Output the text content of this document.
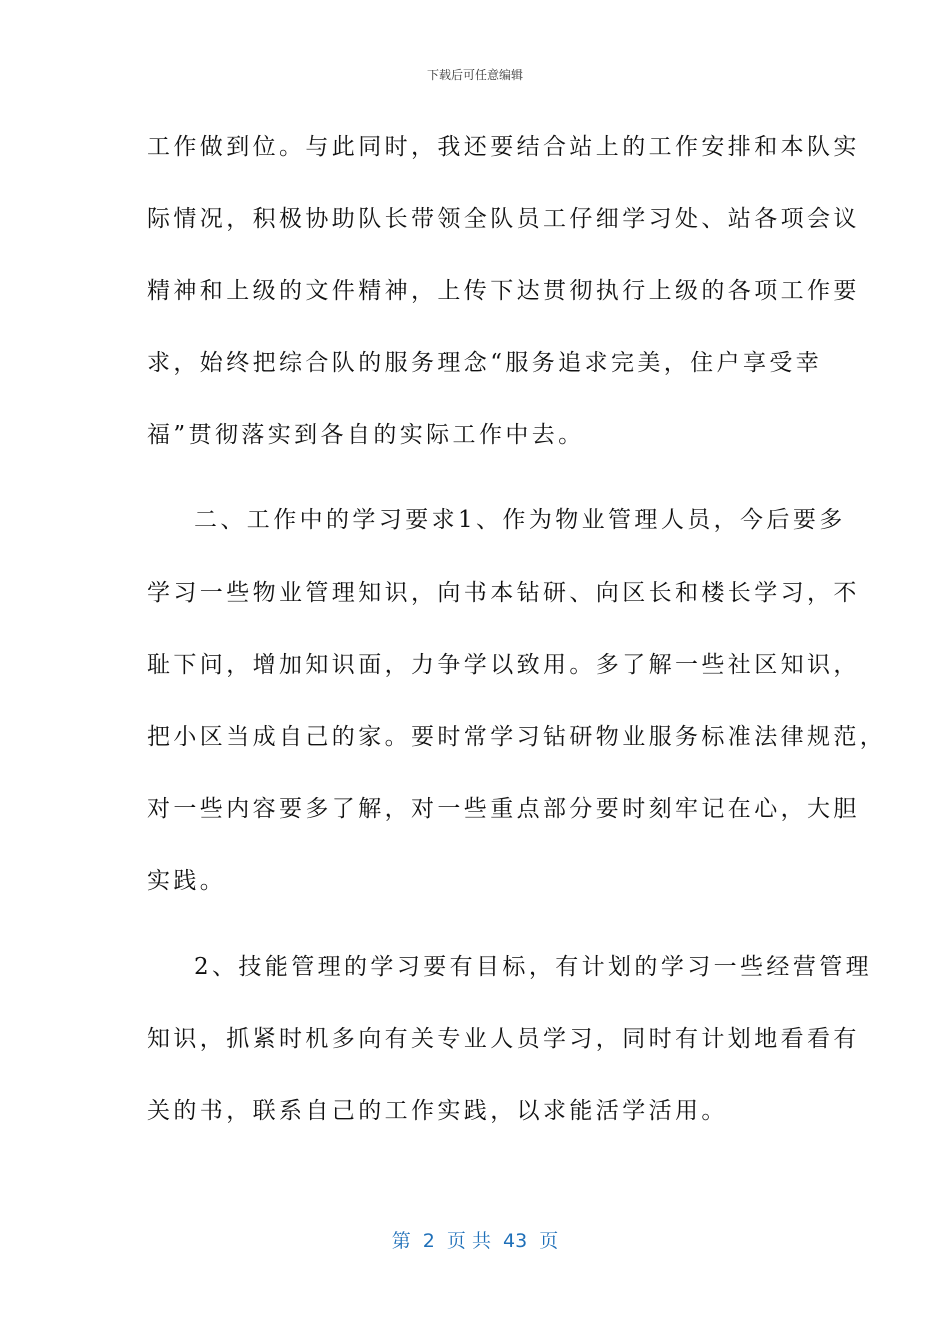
下载后可任意编辑
工作做到位。与此同时，我还要结合站上的工作安排和本队实
际情况，积极协助队长带领全队员工仔细学习处、站各项会议
精神和上级的文件精神，上传下达贯彻执行上级的各项工作要
求，始终把综合队的服务理念“服务追求完美，住户享受幸
福”贯彻落实到各自的实际工作中去。
二、工作中的学习要求1、作为物业管理人员，今后要多
学习一些物业管理知识，向书本钻研、向区长和楼长学习，不
耻下问，增加知识面，力争学以致用。多了解一些社区知识，
把小区当成自己的家。要时常学习钻研物业服务标准法律规范，
对一些内容要多了解，对一些重点部分要时刻牢记在心，大胆
实践。
2、技能管理的学习要有目标，有计划的学习一些经营管理
知识，抓紧时机多向有关专业人员学习，同时有计划地看看有
关的书，联系自己的工作实践，以求能活学活用。
第  2  页 共  43  页
